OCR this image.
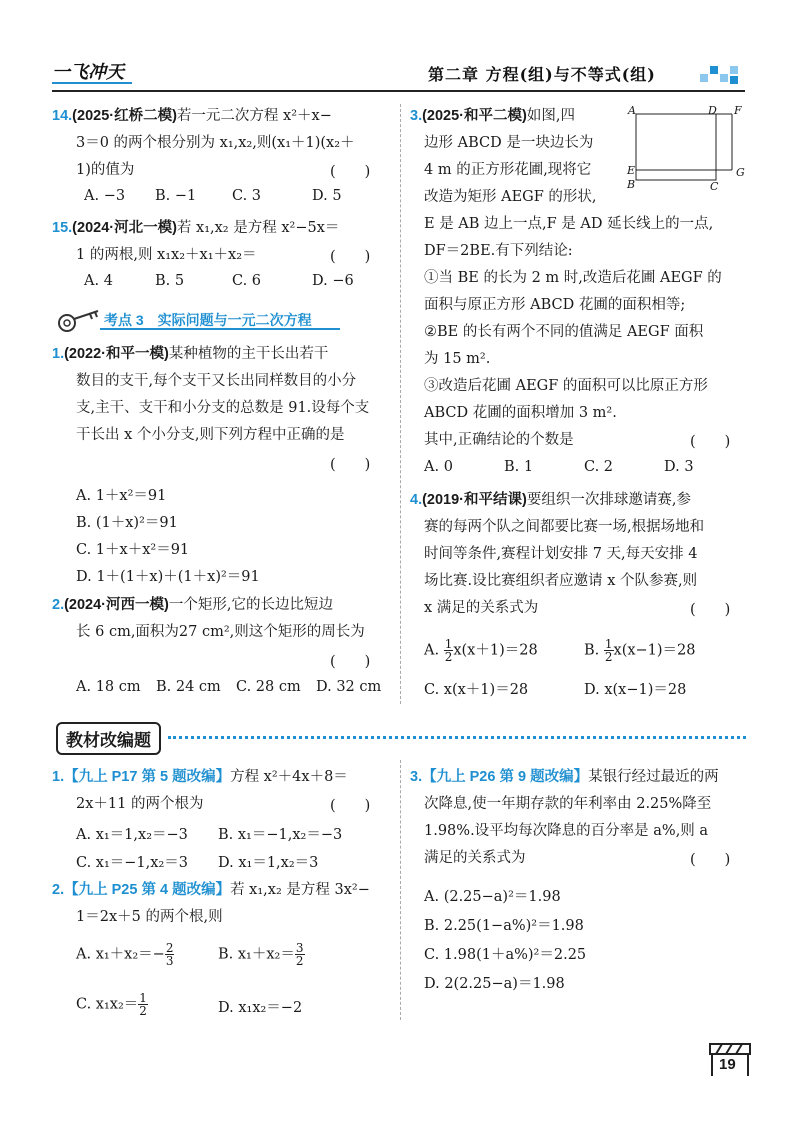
一飞冲天	第二章 方程(组)与不等式(组)
14.(2025·红桥二模)若一元二次方程 x²＋x−
3＝0 的两个根分别为 x₁,x₂,则(x₁＋1)(x₂＋
1)的值为	(　　)
A. −3 B. −1 C. 3	D. 5
15.(2024·河北一模)若 x₁,x₂ 是方程 x²−5x＝
1 的两根,则 x₁x₂＋x₁＋x₂＝	(　　)
A. 4	B. 5	C. 6	D. −6
考点 3　实际问题与一元二次方程
1.(2022·和平一模)某种植物的主干长出若干
数目的支干,每个支干又长出同样数目的小分
支,主干、支干和小分支的总数是 91.设每个支
干长出 x 个小分支,则下列方程中正确的是
(　　)
A. 1＋x²＝91
B. (1＋x)²＝91
C. 1＋x＋x²＝91
D. 1＋(1＋x)＋(1＋x)²＝91
2.(2024·河西一模)一个矩形,它的长边比短边
长 6 cm,面积为27 cm²,则这个矩形的周长为
(　　)
A. 18 cm B. 24 cm C. 28 cm D. 32 cm
3.(2025·和平二模)如图,四
边形 ABCD 是一块边长为
4 m 的正方形花圃,现将它
改造为矩形 AEGF 的形状,
A	D F
E
B	C
G
E 是 AB 边上一点,F 是 AD 延长线上的一点,
DF＝2BE.有下列结论:
①当 BE 的长为 2 m 时,改造后花圃 AEGF 的
面积与原正方形 ABCD 花圃的面积相等;
②BE 的长有两个不同的值满足 AEGF 面积
为 15 m².
③改造后花圃 AEGF 的面积可以比原正方形
ABCD 花圃的面积增加 3 m².
其中,正确结论的个数是	(　　)
A. 0	B. 1	C. 2	D. 3
4.(2019·和平结课)要组织一次排球邀请赛,参
赛的每两个队之间都要比赛一场,根据场地和
时间等条件,赛程计划安排 7 天,每天安排 4
场比赛.设比赛组织者应邀请 x 个队参赛,则
x 满足的关系式为	(　　)
A. $\frac{1}{2} x(x+1)=28$	B. $\frac{1}{2} x(x-1)=28$
C. x(x＋1)＝28	D. x(x−1)＝28
教材改编题
1.【九上 P17 第 5 题改编】方程 x²＋4x＋8＝
2x＋11 的两个根为	(　　)
A. x₁＝1,x₂＝−3 B. x₁＝−1,x₂＝−3
C. x₁＝−1,x₂＝3 D. x₁＝1,x₂＝3
2.【九上 P25 第 4 题改编】若 x₁,x₂ 是方程 3x²−
1＝2x＋5 的两个根,则
A. $x_1+x_2=- \frac{2}{3}$	B. $x_1+x_2= \frac{3}{2}$
C. $x_1x_2= \frac{1}{2}$	D. x₁x₂＝−2
3.【九上 P26 第 9 题改编】某银行经过最近的两
次降息,使一年期存款的年利率由 2.25%降至
1.98%.设平均每次降息的百分率是 a%,则 a
满足的关系式为	(　　)
A. (2.25−a)²＝1.98
B. 2.25(1−a%)²＝1.98
C. 1.98(1＋a%)²＝2.25
D. 2(2.25−a)＝1.98
19
